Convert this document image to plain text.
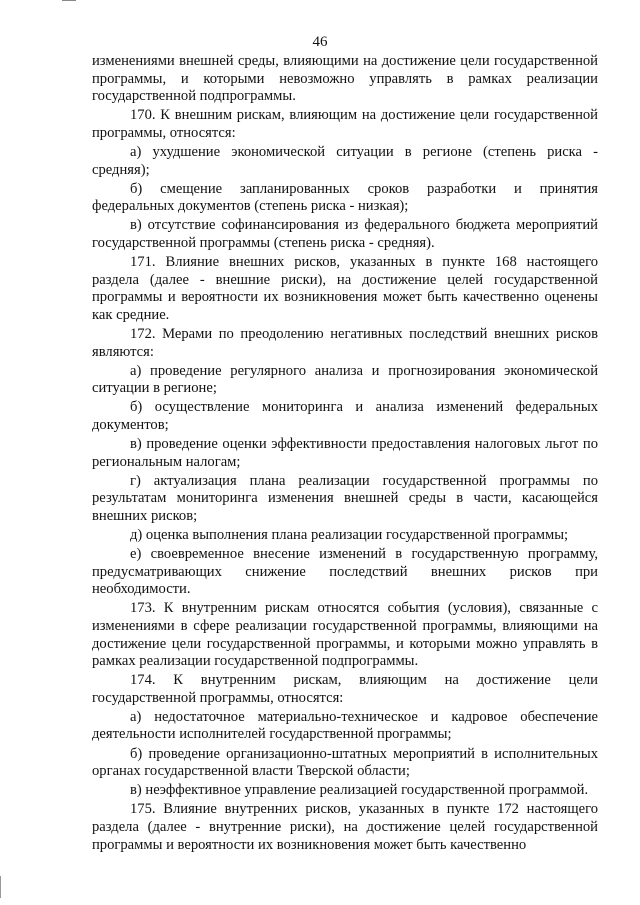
46

изменениями внешней среды, влияющими на достижение цели государственной программы, и которыми невозможно управлять в рамках реализации государственной подпрограммы.

170. К внешним рискам, влияющим на достижение цели государственной программы, относятся:

а) ухудшение экономической ситуации в регионе (степень риска - средняя);

б) смещение запланированных сроков разработки и принятия федеральных документов (степень риска - низкая);

в) отсутствие софинансирования из федерального бюджета мероприятий государственной программы (степень риска - средняя).

171. Влияние внешних рисков, указанных в пункте 168 настоящего раздела (далее - внешние риски), на достижение целей государственной программы и вероятности их возникновения может быть качественно оценены как средние.

172. Мерами по преодолению негативных последствий внешних рисков являются:

а) проведение регулярного анализа и прогнозирования экономической ситуации в регионе;

б) осуществление мониторинга и анализа изменений федеральных документов;

в) проведение оценки эффективности предоставления налоговых льгот по региональным налогам;

г) актуализация плана реализации государственной программы по результатам мониторинга изменения внешней среды в части, касающейся внешних рисков;

д) оценка выполнения плана реализации государственной программы;

е) своевременное внесение изменений в государственную программу, предусматривающих снижение последствий внешних рисков при необходимости.

173. К внутренним рискам относятся события (условия), связанные с изменениями в сфере реализации государственной программы, влияющими на достижение цели государственной программы, и которыми можно управлять в рамках реализации государственной подпрограммы.

174. К внутренним рискам, влияющим на достижение цели государственной программы, относятся:

а) недостаточное материально-техническое и кадровое обеспечение деятельности исполнителей государственной программы;

б) проведение организационно-штатных мероприятий в исполнительных органах государственной власти Тверской области;

в) неэффективное управление реализацией государственной программой.

175. Влияние внутренних рисков, указанных в пункте 172 настоящего раздела (далее - внутренние риски), на достижение целей государственной программы и вероятности их возникновения может быть качественно
